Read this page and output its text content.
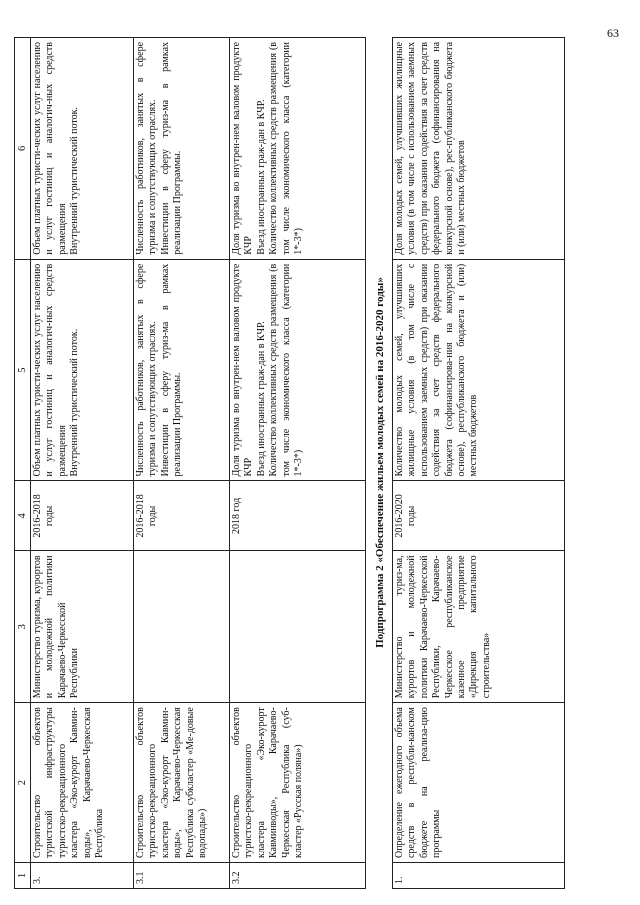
63
1
2
3
4
5
6
3.
Строительство объектов туристской инфраструктуры туристско-рекреационного кластера «Эко-курорт Кавмин-воды», Карачаево-Черкесская Республика
Министерство туризма, курортов и молодежной политики Карачаево-Черкесской Республики
2016-2018 годы
Объем платных туристи-ческих услуг населению и услуг гостиниц и аналогич-ных средств размещения
Внутренний туристический поток.
Объем платных туристи-ческих услуг населению и услуг гостиниц и аналогич-ных средств размещения
Внутренний туристический поток.
3.1
Строительство объектов туристско-рекреационного кластера «Эко-курорт Кавмин-воды», Карачаево-Черкесская Республика субкластер «Ме-довые водопады»)
2016-2018 годы
Численность работников, занятых в сфере туризма и сопутствующих отраслях.
Инвестиции в сферу туриз-ма в рамках реализации Программы.
Численность работников, занятых в сфере туризма и сопутствующих отраслях.
Инвестиции в сферу туриз-ма в рамках реализации Программы.
3.2
Строительство объектов туристско-рекреационного кластера «Эко-курорт Кавминводы», Карачаево-Черкесская Республика (суб-кластер «Русская поляна»)
2018 год
Доля туризма во внутрен-нем валовом продукте КЧР
Въезд иностранных граж-дан в КЧР.
Количество коллективных средств размещения (в том числе экономического класса (категории 1*-3*)
Доля туризма во внутрен-нем валовом продукте КЧР
Въезд иностранных граж-дан в КЧР.
Количество коллективных средств размещения (в том числе экономического класса (категории 1*-3*)
Подпрограмма 2 «Обеспечение жильем молодых семей на 2016-2020 годы»
1.
Определение ежегодного объема средств в республи-канском бюджете на реализа-цию программы
Министерство туриз-ма, курортов и молодежной политики Карачаево-Черкесской Республики, Карачаево-Черкесское республиканское казенное предприятие «Дирекция капитального строительства»
2016-2020 годы
Количество молодых семей, улучшивших жилищные условия (в том числе с использованием заемных средств) при оказании содействия за счет средств федерального бюджета (софинансирова-ния на конкурсной основе), республиканского бюджета и (или) местных бюджетов
Доля молодых семей, улучшивших жилищные условия (в том числе с использованием заемных средств) при оказании содействия за счет средств федерального бюджета (софинансирования на конкурсной основе), рес-публиканского бюджета и (или) местных бюджетов
